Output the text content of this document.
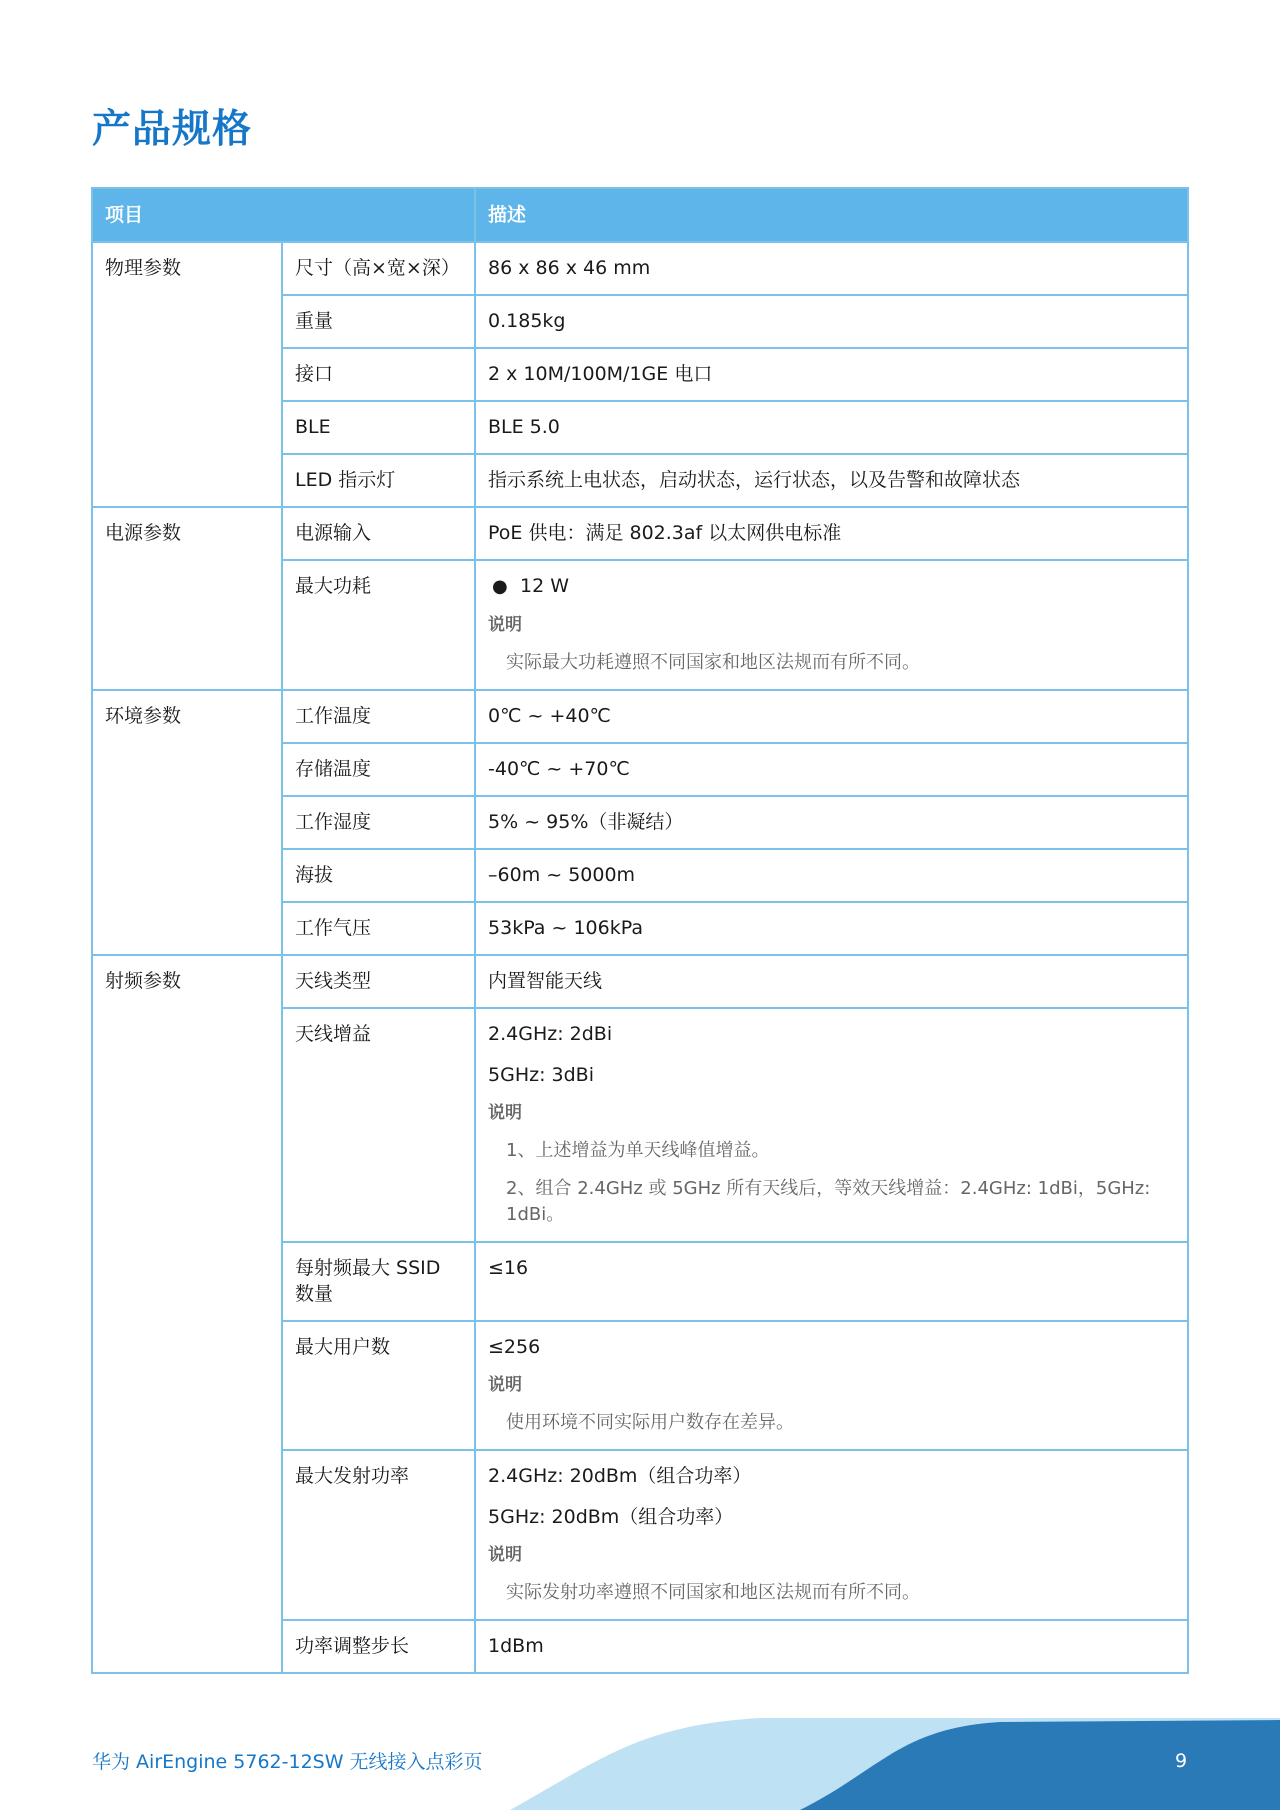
产品规格
项目		描述
物理参数	尺寸（高×宽×深）	86 x 86 x 46 mm

	重量	0.185kg

	接口	2 x 10M/100M/1GE 电口

	BLE	BLE 5.0

	LED 指示灯	指示系统上电状态，启动状态，运行状态，以及告警和故障状态

电源参数	电源输入	PoE 供电：满足 802.3af 以太网供电标准

	最大功耗	● 12 W
说明
实际最大功耗遵照不同国家和地区法规而有所不同。

环境参数	工作温度	0℃ ~ +40℃

	存储温度	-40℃ ~ +70℃

	工作湿度	5% ~ 95%（非凝结）

	海拔	–60m ~ 5000m

	工作气压	53kPa ~ 106kPa

射频参数	天线类型	内置智能天线

	天线增益	2.4GHz: 2dBi
5GHz: 3dBi
说明
1、上述增益为单天线峰值增益。
2、组合 2.4GHz 或 5GHz 所有天线后，等效天线增益：2.4GHz: 1dBi，5GHz: 1dBi。

	每射频最大 SSID 数量	≤16

	最大用户数	≤256
说明
使用环境不同实际用户数存在差异。

	最大发射功率	2.4GHz: 20dBm（组合功率）
5GHz: 20dBm（组合功率）
说明
实际发射功率遵照不同国家和地区法规而有所不同。

	功率调整步长	1dBm
华为 AirEngine 5762-12SW 无线接入点彩页	9
